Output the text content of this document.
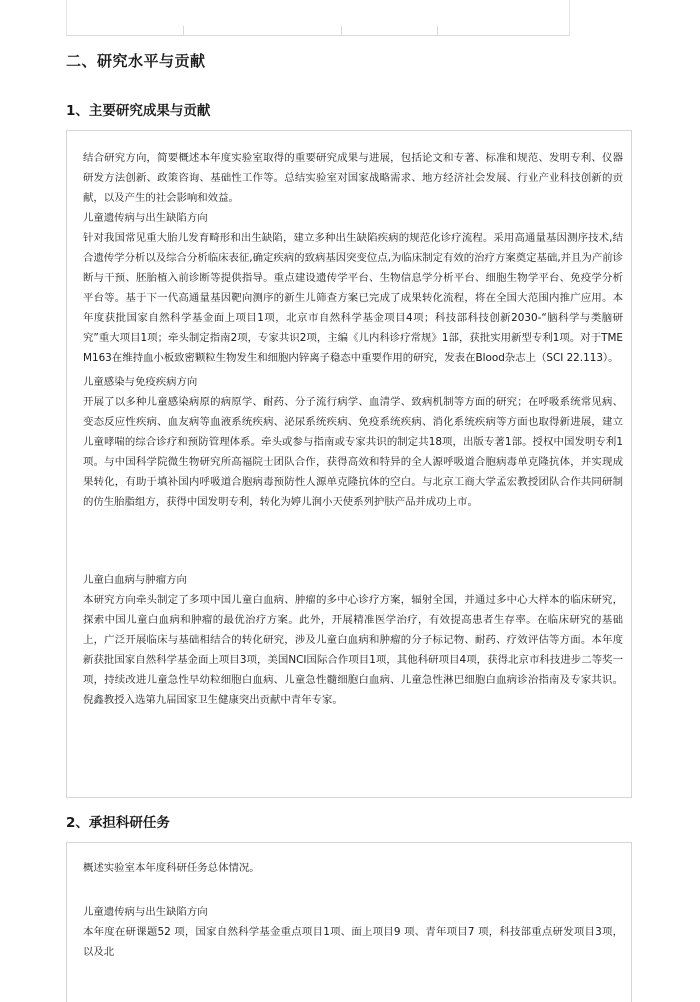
二、研究水平与贡献
1、主要研究成果与贡献
结合研究方向，简要概述本年度实验室取得的重要研究成果与进展，包括论文和专著、标准和规范、发明专利、仪器研发方法创新、政策咨询、基础性工作等。总结实验室对国家战略需求、地方经济社会发展、行业产业科技创新的贡献，以及产生的社会影响和效益。
儿童遗传病与出生缺陷方向
针对我国常见重大胎儿发育畸形和出生缺陷，建立多种出生缺陷疾病的规范化诊疗流程。采用高通量基因测序技术,结合遗传学分析以及综合分析临床表征,确定疾病的致病基因突变位点,为临床制定有效的治疗方案奠定基础,并且为产前诊断与干预、胚胎植入前诊断等提供指导。重点建设遗传学平台、生物信息学分析平台、细胞生物学平台、免疫学分析平台等。基于下一代高通量基因靶向测序的新生儿筛查方案已完成了成果转化流程，将在全国大范围内推广应用。本年度获批国家自然科学基金面上项目1项，北京市自然科学基金项目4项；科技部科技创新2030-“脑科学与类脑研究”重大项目1项；牵头制定指南2项，专家共识2项，主编《儿内科诊疗常规》1部，获批实用新型专利1项。对于TMEM163在维持血小板致密颗粒生物发生和细胞内锌离子稳态中重要作用的研究，发表在Blood杂志上（SCI 22.113）。
儿童感染与免疫疾病方向
开展了以多种儿童感染病原的病原学、耐药、分子流行病学、血清学、致病机制等方面的研究；在呼吸系统常见病、变态反应性疾病、血友病等血液系统疾病、泌尿系统疾病、免疫系统疾病、消化系统疾病等方面也取得新进展，建立儿童哮喘的综合诊疗和预防管理体系。牵头或参与指南或专家共识的制定共18项，出版专著1部。授权中国发明专利1项。与中国科学院微生物研究所高福院士团队合作，获得高效和特异的全人源呼吸道合胞病毒单克隆抗体，并实现成果转化，有助于填补国内呼吸道合胞病毒预防性人源单克隆抗体的空白。与北京工商大学孟宏教授团队合作共同研制的仿生胎脂组方，获得中国发明专利，转化为婷儿润小天使系列护肤产品并成功上市。
儿童白血病与肿瘤方向
本研究方向牵头制定了多项中国儿童白血病、肿瘤的多中心诊疗方案，辐射全国，并通过多中心大样本的临床研究，探索中国儿童白血病和肿瘤的最优治疗方案。此外，开展精准医学治疗，有效提高患者生存率。在临床研究的基础上，广泛开展临床与基础相结合的转化研究，涉及儿童白血病和肿瘤的分子标记物、耐药、疗效评估等方面。本年度新获批国家自然科学基金面上项目3项，美国NCI国际合作项目1项，其他科研项目4项，获得北京市科技进步二等奖一项，持续改进儿童急性早幼粒细胞白血病、儿童急性髓细胞白血病、儿童急性淋巴细胞白血病诊治指南及专家共识。倪鑫教授入选第九届国家卫生健康突出贡献中青年专家。
2、承担科研任务
概述实验室本年度科研任务总体情况。
儿童遗传病与出生缺陷方向
本年度在研课题52 项，国家自然科学基金重点项目1项、面上项目9 项、青年项目7 项，科技部重点研发项目3项， 以及北
